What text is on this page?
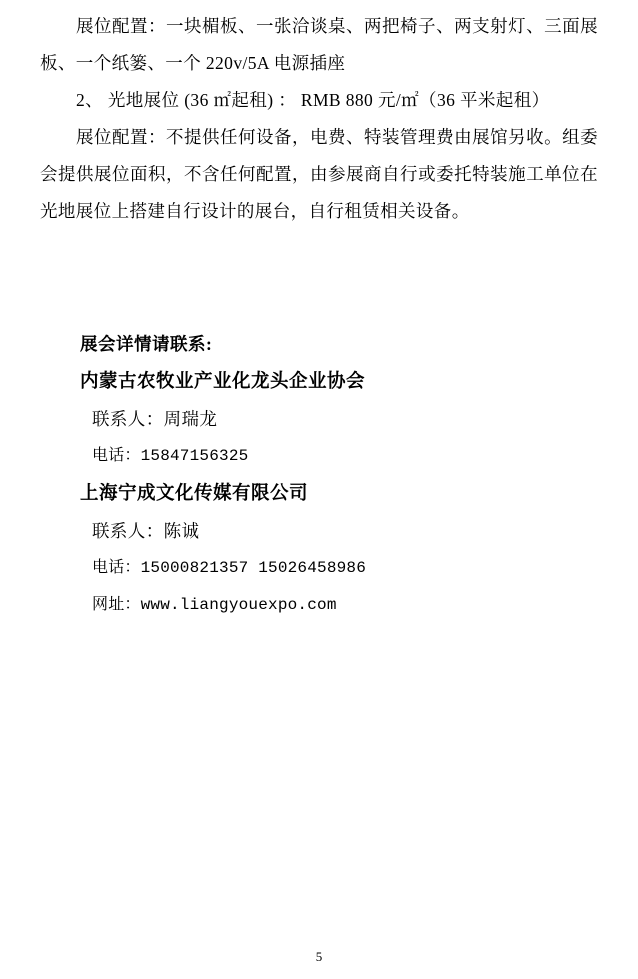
展位配置：一块楣板、一张洽谈桌、两把椅子、两支射灯、三面展板、一个纸篓、一个 220v/5A 电源插座

2、 光地展位 (36 ㎡起租) ： RMB 880 元/㎡（36 平米起租）

展位配置：不提供任何设备，电费、特装管理费由展馆另收。组委会提供展位面积，不含任何配置，由参展商自行或委托特装施工单位在光地展位上搭建自行设计的展台，自行租赁相关设备。

展会详情请联系:

内蒙古农牧业产业化龙头企业协会

联系人：周瑞龙

电话：15847156325

上海宁成文化传媒有限公司

联系人：陈诚

电话：15000821357 15026458986

网址：www.liangyouexpo.com

5
